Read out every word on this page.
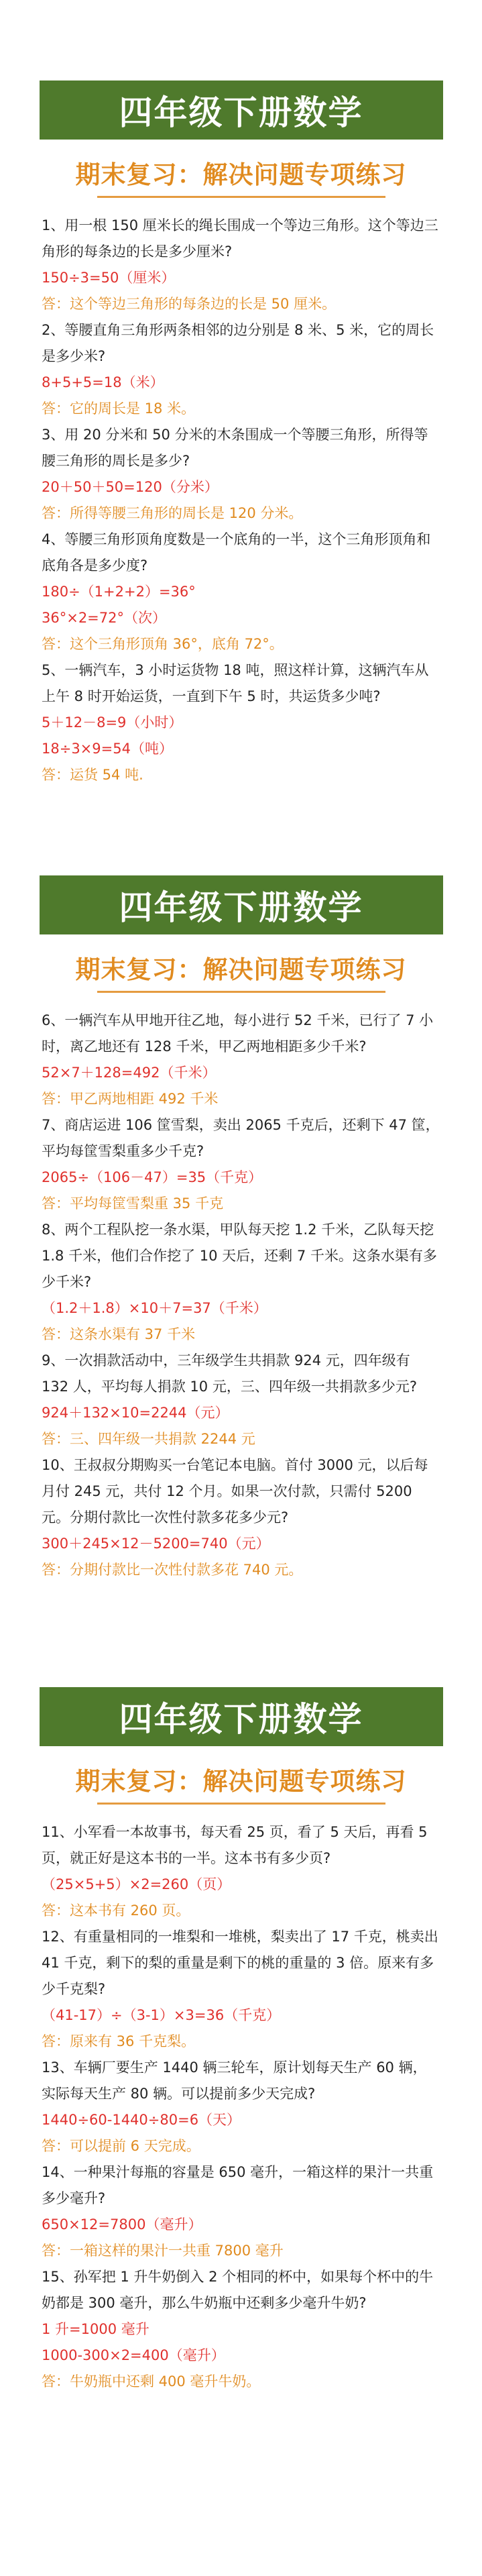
四年级下册数学
期末复习：解决问题专项练习
1、用一根 150 厘米长的绳长围成一个等边三角形。这个等边三角形的每条边的长是多少厘米?
150÷3=50（厘米）
答：这个等边三角形的每条边的长是 50 厘米。
2、等腰直角三角形两条相邻的边分别是 8 米、5 米，它的周长是多少米?
8+5+5=18（米）
答：它的周长是 18 米。
3、用 20 分米和 50 分米的木条围成一个等腰三角形，所得等腰三角形的周长是多少?
20＋50＋50=120（分米）
答：所得等腰三角形的周长是 120 分米。
4、等腰三角形顶角度数是一个底角的一半，这个三角形顶角和底角各是多少度?
180÷（1+2+2）=36°
36°×2=72°（次）
答：这个三角形顶角 36°，底角 72°。
5、一辆汽车，3 小时运货物 18 吨，照这样计算，这辆汽车从上午 8 时开始运货，一直到下午 5 时，共运货多少吨?
5＋12－8=9（小时）
18÷3×9=54（吨）
答：运货 54 吨.
四年级下册数学
期末复习：解决问题专项练习
6、一辆汽车从甲地开往乙地，每小进行 52 千米，已行了 7 小时，离乙地还有 128 千米，甲乙两地相距多少千米?
52×7＋128=492（千米）
答：甲乙两地相距 492 千米
7、商店运进 106 筐雪梨，卖出 2065 千克后，还剩下 47 筐，平均每筐雪梨重多少千克?
2065÷（106－47）=35（千克）
答：平均每筐雪梨重 35 千克
8、两个工程队挖一条水渠，甲队每天挖 1.2 千米，乙队每天挖 1.8 千米，他们合作挖了 10 天后，还剩 7 千米。这条水渠有多少千米?
（1.2＋1.8）×10＋7=37（千米）
答：这条水渠有 37 千米
9、一次捐款活动中，三年级学生共捐款 924 元，四年级有 132 人，平均每人捐款 10 元，三、四年级一共捐款多少元?
924＋132×10=2244（元）
答：三、四年级一共捐款 2244 元
10、王叔叔分期购买一台笔记本电脑。首付 3000 元，以后每月付 245 元，共付 12 个月。如果一次付款，只需付 5200 元。分期付款比一次性付款多花多少元?
300＋245×12－5200=740（元）
答：分期付款比一次性付款多花 740 元。
四年级下册数学
期末复习：解决问题专项练习
11、小军看一本故事书，每天看 25 页，看了 5 天后，再看 5 页，就正好是这本书的一半。这本书有多少页?
（25×5+5）×2=260（页）
答：这本书有 260 页。
12、有重量相同的一堆梨和一堆桃，梨卖出了 17 千克，桃卖出 41 千克，剩下的梨的重量是剩下的桃的重量的 3 倍。原来有多少千克梨?
（41-17）÷（3-1）×3=36（千克）
答：原来有 36 千克梨。
13、车辆厂要生产 1440 辆三轮车，原计划每天生产 60 辆，实际每天生产 80 辆。可以提前多少天完成?
1440÷60-1440÷80=6（天）
答：可以提前 6 天完成。
14、一种果汁每瓶的容量是 650 毫升，一箱这样的果汁一共重多少毫升?
650×12=7800（毫升）
答：一箱这样的果汁一共重 7800 毫升
15、孙军把 1 升牛奶倒入 2 个相同的杯中，如果每个杯中的牛奶都是 300 毫升，那么牛奶瓶中还剩多少毫升牛奶?
1 升=1000 毫升
1000-300×2=400（毫升）
答：牛奶瓶中还剩 400 毫升牛奶。
